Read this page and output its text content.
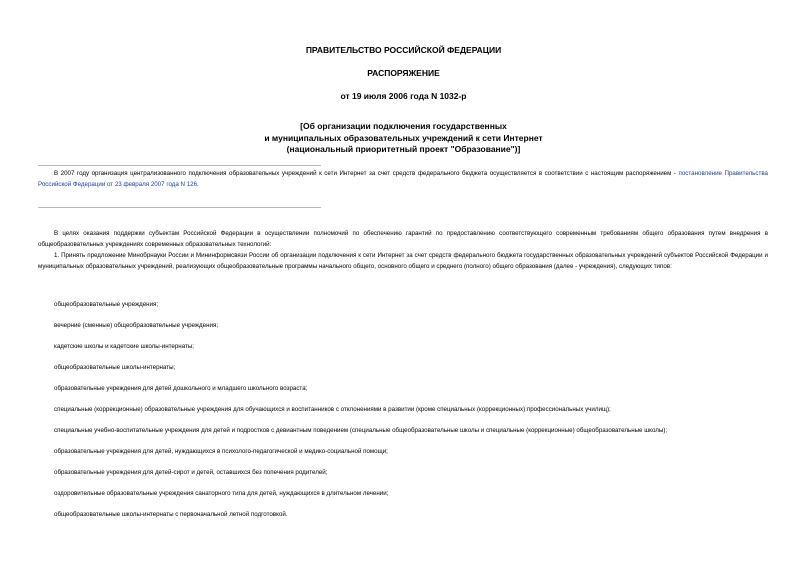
ПРАВИТЕЛЬСТВО РОССИЙСКОЙ ФЕДЕРАЦИИ
РАСПОРЯЖЕНИЕ
от 19 июля 2006 года N 1032-р
[Об организации подключения государственных
и муниципальных образовательных учреждений к сети Интернет
(национальный приоритетный проект "Образование")]
В 2007 году организация централизованного подключения образовательных учреждений к сети Интернет за счет средств федерального бюджета осуществляется в соответствии с настоящим распоряжением - постановление Правительства Российской Федерации от 23 февраля 2007 года N 126.
В целях оказания поддержки субъектам Российской Федерации в осуществлении полномочий по обеспечению гарантий по предоставлению соответствующего современным требованиям общего образования путем внедрения в общеобразовательных учреждениях современных образовательных технологий:
1. Принять предложение Минобрнауки России и Мининформсвязи России об организации подключения к сети Интернет за счет средств федерального бюджета государственных образовательных учреждений субъектов Российской Федерации и муниципальных образовательных учреждений, реализующих общеобразовательные программы начального общего, основного общего и среднего (полного) общего образования (далее - учреждения), следующих типов:
общеобразовательные учреждения;
вечерние (сменные) общеобразовательные учреждения;
кадетские школы и кадетские школы-интернаты;
общеобразовательные школы-интернаты;
образовательные учреждения для детей дошкольного и младшего школьного возраста;
специальные (коррекционные) образовательные учреждения для обучающихся и воспитанников с отклонениями в развитии (кроме специальных (коррекционных) профессиональных училищ);
специальные учебно-воспитательные учреждения для детей и подростков с девиантным поведением (специальные общеобразовательные школы и специальные (коррекционные) общеобразовательные школы);
образовательные учреждения для детей, нуждающихся в психолого-педагогической и медико-социальной помощи;
образовательные учреждения для детей-сирот и детей, оставшихся без попечения родителей;
оздоровительные образовательные учреждения санаторного типа для детей, нуждающихся в длительном лечении;
общеобразовательные школы-интернаты с первоначальной летной подготовкой.
